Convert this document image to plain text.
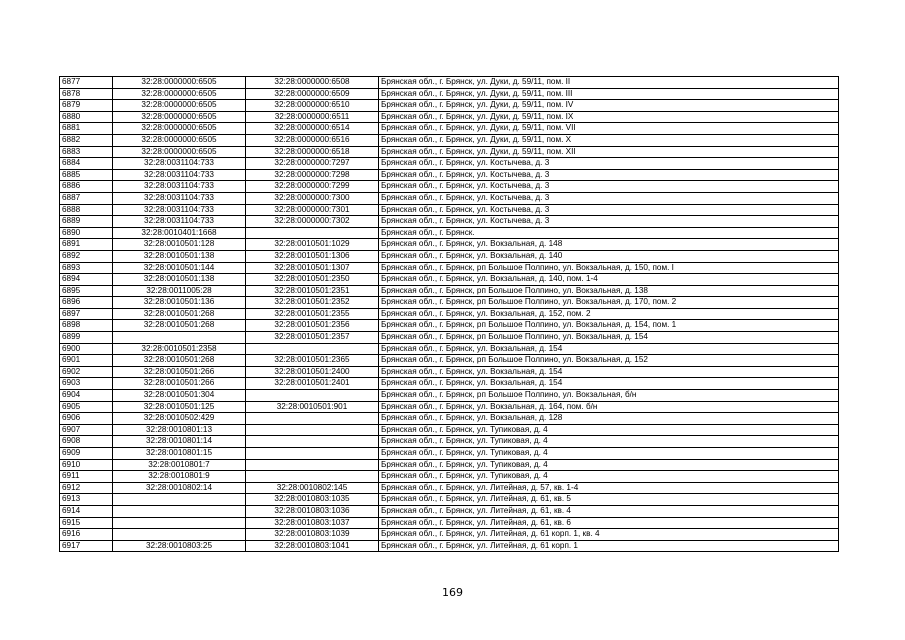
6877	32:28:0000000:6505	32:28:0000000:6508	Брянская обл., г. Брянск, ул. Дуки, д. 59/11, пом. II
6878	32:28:0000000:6505	32:28:0000000:6509	Брянская обл., г. Брянск, ул. Дуки, д. 59/11, пом. III
6879	32:28:0000000:6505	32:28:0000000:6510	Брянская обл., г. Брянск, ул. Дуки, д. 59/11, пом. IV
6880	32:28:0000000:6505	32:28:0000000:6511	Брянская обл., г. Брянск, ул. Дуки, д. 59/11, пом. IX
6881	32:28:0000000:6505	32:28:0000000:6514	Брянская обл., г. Брянск, ул. Дуки, д. 59/11, пом. VII
6882	32:28:0000000:6505	32:28:0000000:6516	Брянская обл., г. Брянск, ул. Дуки, д. 59/11, пом. X
6883	32:28:0000000:6505	32:28:0000000:6518	Брянская обл., г. Брянск, ул. Дуки, д. 59/11, пом. XII
6884	32:28:0031104:733	32:28:0000000:7297	Брянская обл., г. Брянск, ул. Костычева, д. 3
6885	32:28:0031104:733	32:28:0000000:7298	Брянская обл., г. Брянск, ул. Костычева, д. 3
6886	32:28:0031104:733	32:28:0000000:7299	Брянская обл., г. Брянск, ул. Костычева, д. 3
6887	32:28:0031104:733	32:28:0000000:7300	Брянская обл., г. Брянск, ул. Костычева, д. 3
6888	32:28:0031104:733	32:28:0000000:7301	Брянская обл., г. Брянск, ул. Костычева, д. 3
6889	32:28:0031104:733	32:28:0000000:7302	Брянская обл., г. Брянск, ул. Костычева, д. 3
6890	32:28:0010401:1668		Брянская обл., г. Брянск.
6891	32:28:0010501:128	32:28:0010501:1029	Брянская обл., г. Брянск, ул. Вокзальная, д. 148
6892	32:28:0010501:138	32:28:0010501:1306	Брянская обл., г. Брянск, ул. Вокзальная, д. 140
6893	32:28:0010501:144	32:28:0010501:1307	Брянская обл., г. Брянск, рп Большое Полпино, ул. Вокзальная, д. 150, пом. I
6894	32:28:0010501:138	32:28:0010501:2350	Брянская обл., г. Брянск, ул. Вокзальная, д. 140, пом. 1-4
6895	32:28:0011005:28	32:28:0010501:2351	Брянская обл., г. Брянск, рп Большое Полпино, ул. Вокзальная, д. 138
6896	32:28:0010501:136	32:28:0010501:2352	Брянская обл., г. Брянск, рп Большое Полпино, ул. Вокзальная, д. 170, пом. 2
6897	32:28:0010501:268	32:28:0010501:2355	Брянская обл., г. Брянск, ул. Вокзальная, д. 152, пом. 2
6898	32:28:0010501:268	32:28:0010501:2356	Брянская обл., г. Брянск, рп Большое Полпино, ул. Вокзальная, д. 154, пом. 1
6899		32:28:0010501:2357	Брянская обл., г. Брянск, рп Большое Полпино, ул. Вокзальная, д. 154
6900	32:28:0010501:2358		Брянская обл., г. Брянск, ул. Вокзальная, д. 154
6901	32:28:0010501:268	32:28:0010501:2365	Брянская обл., г. Брянск, рп Большое Полпино, ул. Вокзальная, д. 152
6902	32:28:0010501:266	32:28:0010501:2400	Брянская обл., г. Брянск, ул. Вокзальная, д. 154
6903	32:28:0010501:266	32:28:0010501:2401	Брянская обл., г. Брянск, ул. Вокзальная, д. 154
6904	32:28:0010501:304		Брянская обл., г. Брянск, рп Большое Полпино, ул. Вокзальная, б/н
6905	32:28:0010501:125	32:28:0010501:901	Брянская обл., г. Брянск, ул. Вокзальная, д. 164, пом. б/н
6906	32:28:0010502:429		Брянская обл., г. Брянск, ул. Вокзальная, д. 128
6907	32:28:0010801:13		Брянская обл., г. Брянск, ул. Тупиковая, д. 4
6908	32:28:0010801:14		Брянская обл., г. Брянск, ул. Тупиковая, д. 4
6909	32:28:0010801:15		Брянская обл., г. Брянск, ул. Тупиковая, д. 4
6910	32:28:0010801:7		Брянская обл., г. Брянск, ул. Тупиковая, д. 4
6911	32:28:0010801:9		Брянская обл., г. Брянск, ул. Тупиковая, д. 4
6912	32:28:0010802:14	32:28:0010802:145	Брянская обл., г. Брянск, ул. Литейная, д. 57, кв. 1-4
6913		32:28:0010803:1035	Брянская обл., г. Брянск, ул. Литейная, д. 61, кв. 5
6914		32:28:0010803:1036	Брянская обл., г. Брянск, ул. Литейная, д. 61, кв. 4
6915		32:28:0010803:1037	Брянская обл., г. Брянск, ул. Литейная, д. 61, кв. 6
6916		32:28:0010803:1039	Брянская обл., г. Брянск, ул. Литейная, д. 61 корп. 1, кв. 4
6917	32:28:0010803:25	32:28:0010803:1041	Брянская обл., г. Брянск, ул. Литейная, д. 61 корп. 1
169
